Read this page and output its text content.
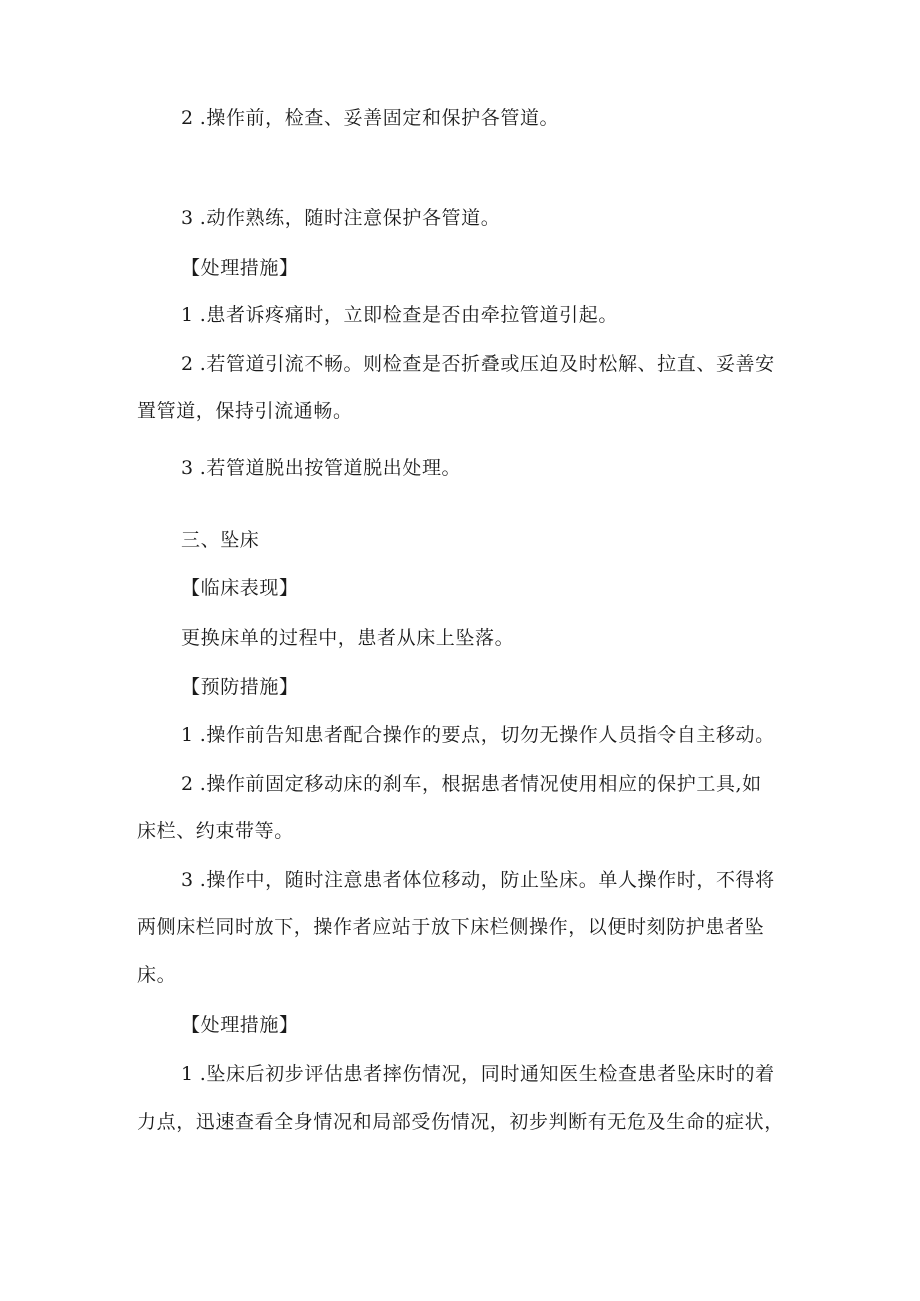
2 .操作前，检查、妥善固定和保护各管道。
3 .动作熟练，随时注意保护各管道。
【处理措施】
1 .患者诉疼痛时，立即检查是否由牵拉管道引起。
2 .若管道引流不畅。则检查是否折叠或压迫及时松解、拉直、妥善安
置管道，保持引流通畅。
3 .若管道脱出按管道脱出处理。
三、坠床
【临床表现】
更换床单的过程中，患者从床上坠落。
【预防措施】
1 .操作前告知患者配合操作的要点，切勿无操作人员指令自主移动。
2 .操作前固定移动床的刹车，根据患者情况使用相应的保护工具,如
床栏、约束带等。
3 .操作中，随时注意患者体位移动，防止坠床。单人操作时，不得将
两侧床栏同时放下，操作者应站于放下床栏侧操作，以便时刻防护患者坠
床。
【处理措施】
1 .坠床后初步评估患者摔伤情况，同时通知医生检查患者坠床时的着
力点，迅速查看全身情况和局部受伤情况，初步判断有无危及生命的症状，
